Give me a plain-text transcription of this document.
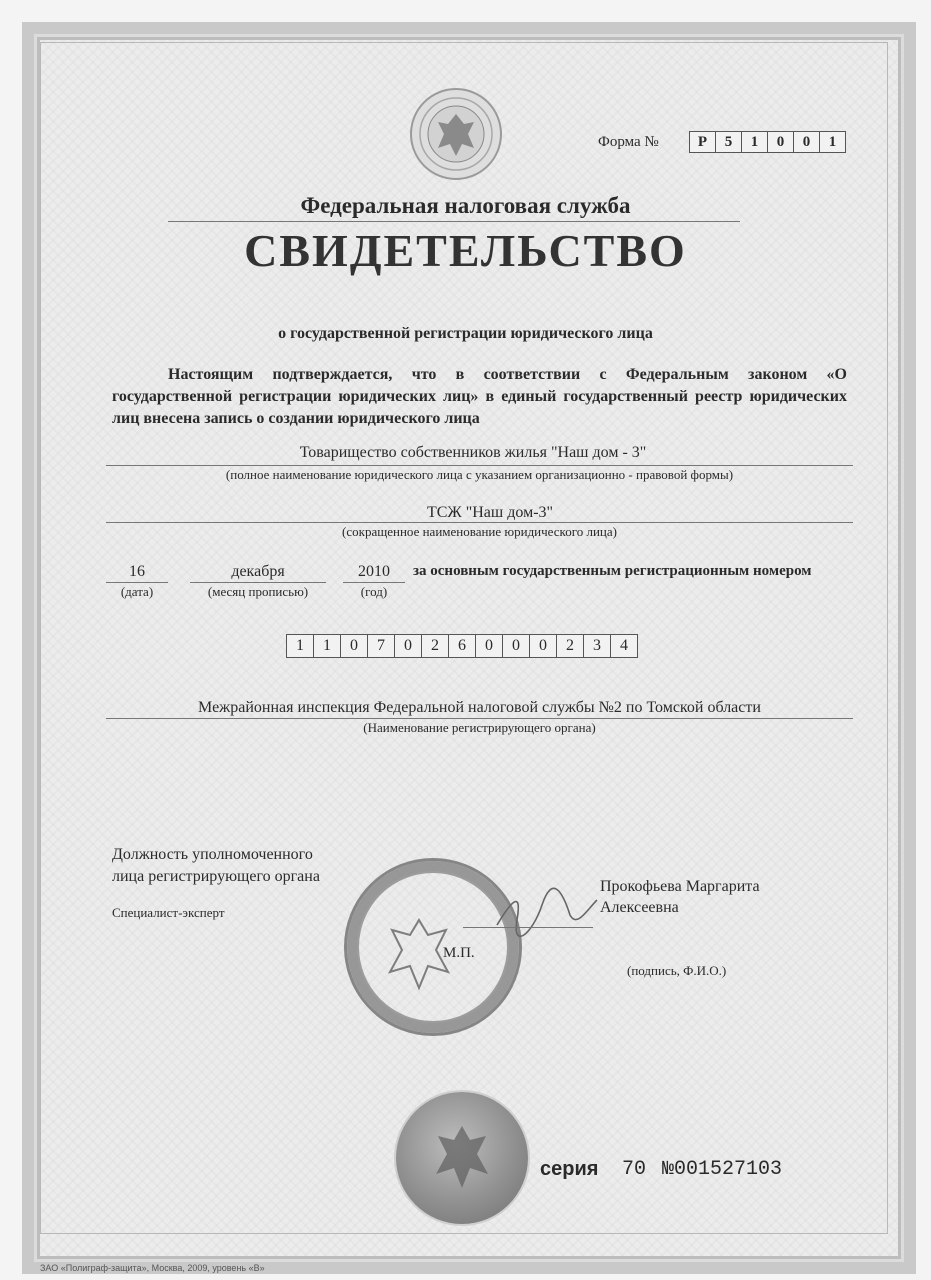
Форма №	Р	5	1	0	0	1
Федеральная налоговая служба
СВИДЕТЕЛЬСТВО
о государственной регистрации юридического лица
Настоящим подтверждается, что в соответствии с Федеральным законом «О государственной регистрации юридических лиц» в единый государственный реестр юридических лиц внесена запись о создании юридического лица
Товарищество собственников жилья "Наш дом - 3"
(полное наименование юридического лица с указанием организационно - правовой формы)
ТСЖ "Наш дом-3"
(сокращенное наименование юридического лица)
16
(дата)
декабря
(месяц прописью)
2010
(год)
за основным государственным регистрационным номером
1	1	0	7	0	2	6	0	0	0	2	3	4
Межрайонная инспекция Федеральной налоговой службы №2 по Томской области
(Наименование регистрирующего органа)
Должность уполномоченного
лица регистрирующего органа
Специалист-эксперт
М.П.
Прокофьева Маргарита
Алексеевна
(подпись, Ф.И.О.)
серия 70 №001527103
ЗАО «Полиграф-защита», Москва, 2009, уровень «В»
